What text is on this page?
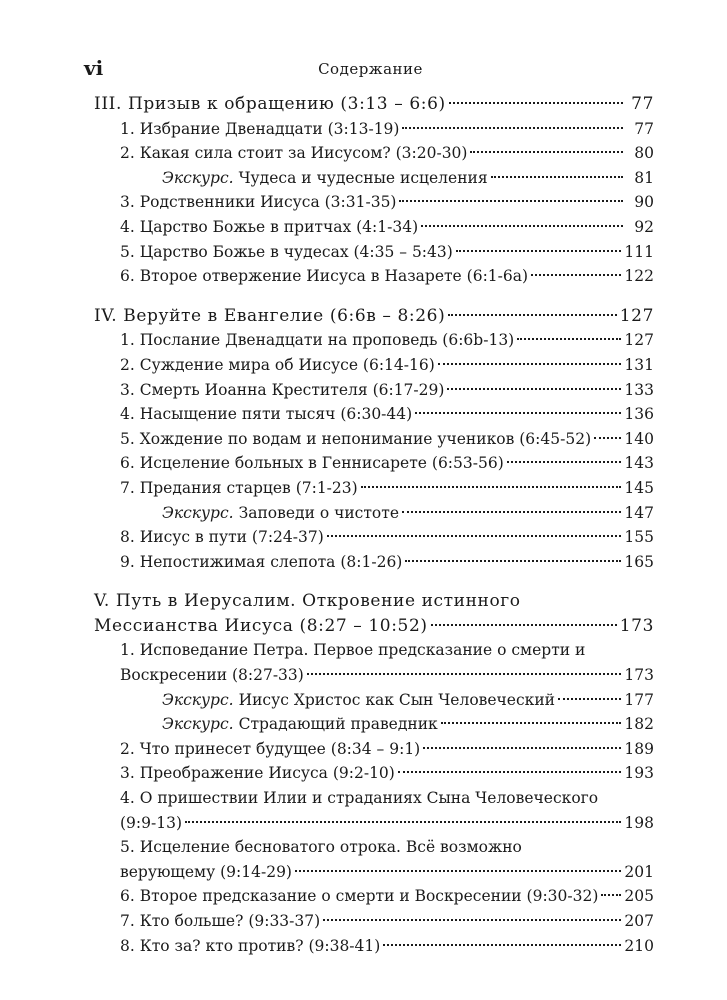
vi	Содержание
III. Призыв к обращению (3:13 – 6:6)	77
1. Избрание Двенадцати (3:13-19)	77
2. Какая сила стоит за Иисусом? (3:20-30)	80
Экскурс. Чудеса и чудесные исцеления	81
3. Родственники Иисуса (3:31-35)	90
4. Царство Божье в притчах (4:1-34)	92
5. Царство Божье в чудесах (4:35 – 5:43)	111
6. Второе отвержение Иисуса в Назарете (6:1-6а)	122
IV. Веруйте в Евангелие (6:6в – 8:26)	127
1. Послание Двенадцати на проповедь (6:6b-13)	127
2. Суждение мира об Иисусе (6:14-16)	131
3. Смерть Иоанна Крестителя (6:17-29)	133
4. Насыщение пяти тысяч (6:30-44)	136
5. Хождение по водам и непонимание учеников (6:45-52) 140
6. Исцеление больных в Геннисарете (6:53-56)	143
7. Предания старцев (7:1-23)	145
Экскурс. Заповеди о чистоте	147
8. Иисус в пути (7:24-37)	155
9. Непостижимая слепота (8:1-26)	165
V. Путь в Иерусалим. Откровение истинного
Мессианства Иисуса (8:27 – 10:52)	173
1. Исповедание Петра. Первое предсказание о смерти и
Воскресении (8:27-33)	173
Экскурс. Иисус Христос как Сын Человеческий	177
Экскурс. Страдающий праведник	182
2. Что принесет будущее (8:34 – 9:1)	189
3. Преображение Иисуса (9:2-10)	193
4. О пришествии Илии и страданиях Сына Человеческого
(9:9-13)	198
5. Исцеление бесноватого отрока. Всё возможно
верующему (9:14-29)	201
6. Второе предсказание о смерти и Воскресении (9:30-32) 205
7. Кто больше? (9:33-37)	207
8. Кто за? кто против? (9:38-41)	210
